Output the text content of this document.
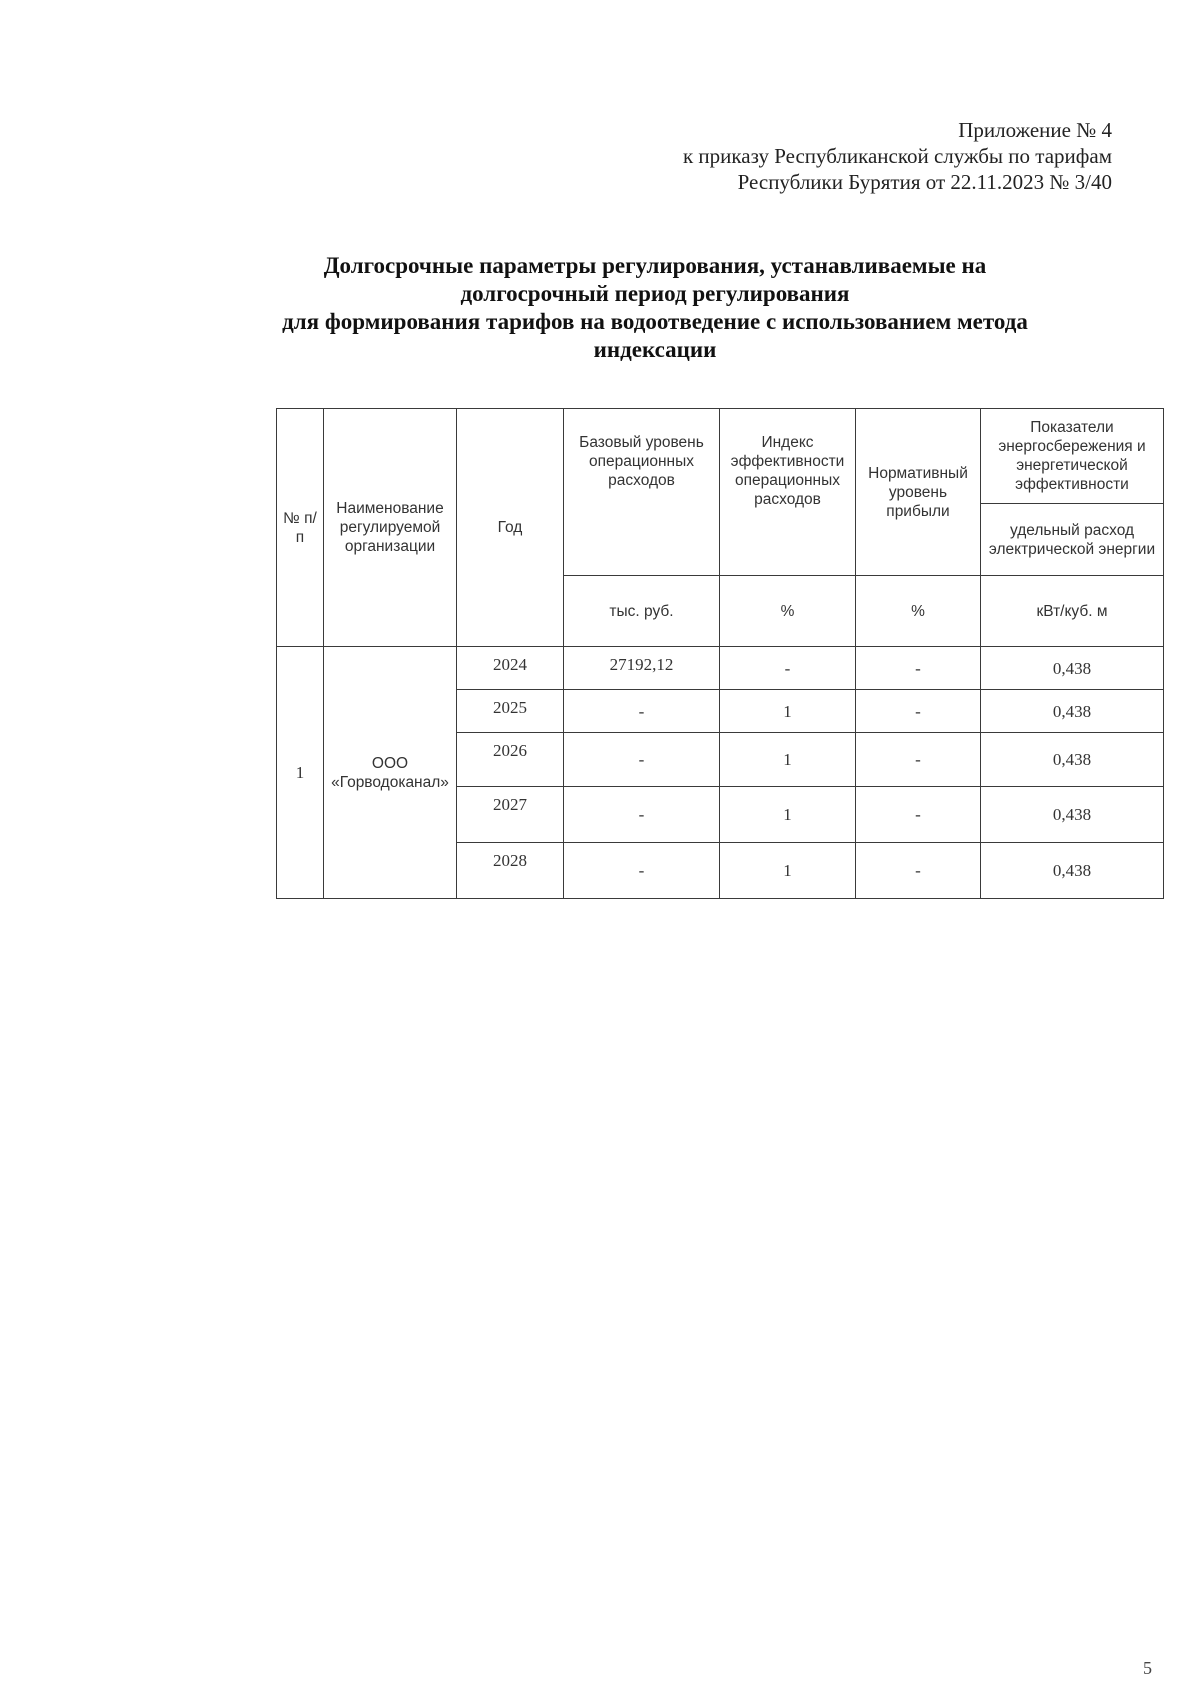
Приложение № 4
к приказу Республиканской службы по тарифам
Республики Бурятия от 22.11.2023 № 3/40
Долгосрочные параметры регулирования, устанавливаемые на
долгосрочный период регулирования
для формирования тарифов на водоотведение с использованием метода
индексации
№ п/п	Наименование регулируемой организации	Год	Базовый уровень операционных расходов	Индекс эффективности операционных расходов	Нормативный уровень прибыли	Показатели энергосбережения и энергетической эффективности
						удельный расход электрической энергии
			тыс. руб.	%	%	кВт/куб. м
1	ООО «Горводоканал»	2024	27192,12	-	-	0,438
		2025	-	1	-	0,438
		2026	-	1	-	0,438
		2027	-	1	-	0,438
		2028	-	1	-	0,438
5
